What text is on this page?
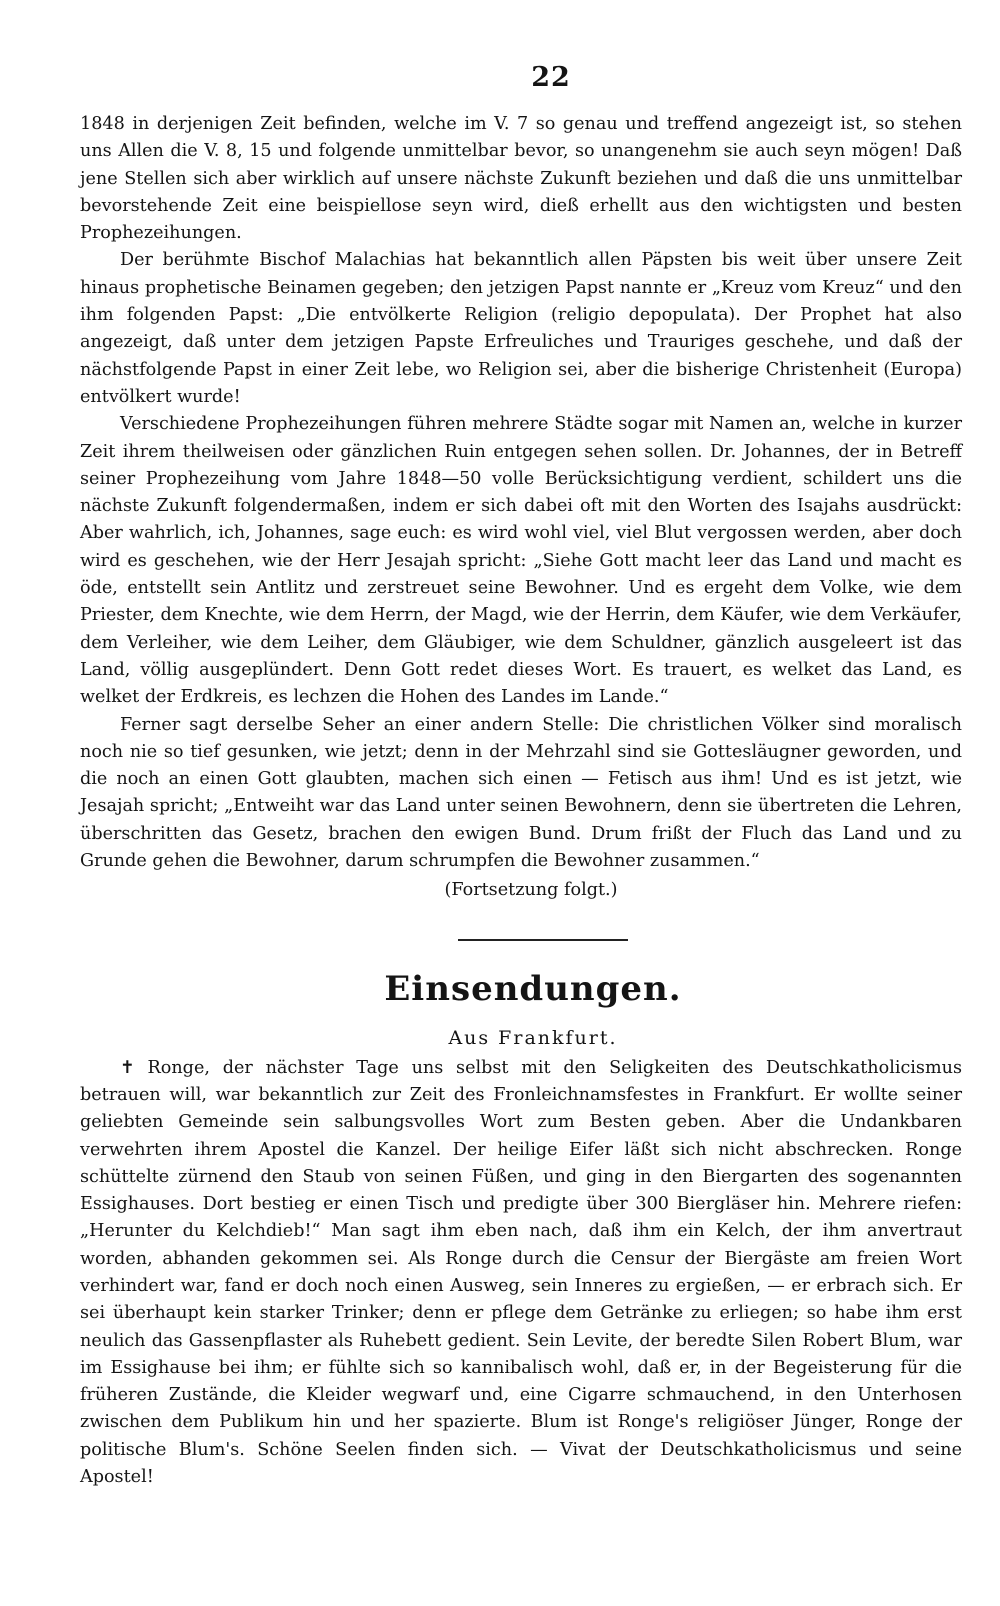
22

1848 in derjenigen Zeit befinden, welche im V. 7 so genau und treffend angezeigt ist, so stehen uns Allen die V. 8, 15 und folgende unmittelbar bevor, so unangenehm sie auch seyn mögen! Daß jene Stellen sich aber wirklich auf unsere nächste Zukunft beziehen und daß die uns unmittelbar bevorstehende Zeit eine beispiellose seyn wird, dieß erhellt aus den wichtigsten und besten Prophezeihungen.

Der berühmte Bischof Malachias hat bekanntlich allen Päpsten bis weit über unsere Zeit hinaus prophetische Beinamen gegeben; den jetzigen Papst nannte er „Kreuz vom Kreuz“ und den ihm folgenden Papst: „Die entvölkerte Religion (religio depopulata). Der Prophet hat also angezeigt, daß unter dem jetzigen Papste Erfreuliches und Trauriges geschehe, und daß der nächstfolgende Papst in einer Zeit lebe, wo Religion sei, aber die bisherige Christenheit (Europa) entvölkert wurde!

Verschiedene Prophezeihungen führen mehrere Städte sogar mit Namen an, welche in kurzer Zeit ihrem theilweisen oder gänzlichen Ruin entgegen sehen sollen. Dr. Johannes, der in Betreff seiner Prophezeihung vom Jahre 1848—50 volle Berücksichtigung verdient, schildert uns die nächste Zukunft folgendermaßen, indem er sich dabei oft mit den Worten des Isajahs ausdrückt: Aber wahrlich, ich, Johannes, sage euch: es wird wohl viel, viel Blut vergossen werden, aber doch wird es geschehen, wie der Herr Jesajah spricht: „Siehe Gott macht leer das Land und macht es öde, entstellt sein Antlitz und zerstreuet seine Bewohner. Und es ergeht dem Volke, wie dem Priester, dem Knechte, wie dem Herrn, der Magd, wie der Herrin, dem Käufer, wie dem Verkäufer, dem Verleiher, wie dem Leiher, dem Gläubiger, wie dem Schuldner, gänzlich ausgeleert ist das Land, völlig ausgeplündert. Denn Gott redet dieses Wort. Es trauert, es welket das Land, es welket der Erdkreis, es lechzen die Hohen des Landes im Lande.“

Ferner sagt derselbe Seher an einer andern Stelle: Die christlichen Völker sind moralisch noch nie so tief gesunken, wie jetzt; denn in der Mehrzahl sind sie Gottesläugner geworden, und die noch an einen Gott glaubten, machen sich einen — Fetisch aus ihm! Und es ist jetzt, wie Jesajah spricht; „Entweiht war das Land unter seinen Bewohnern, denn sie übertreten die Lehren, überschritten das Gesetz, brachen den ewigen Bund. Drum frißt der Fluch das Land und zu Grunde gehen die Bewohner, darum schrumpfen die Bewohner zusammen.“

(Fortsetzung folgt.)
Einsendungen.
Aus Frankfurt.

✝ Ronge, der nächster Tage uns selbst mit den Seligkeiten des Deutschkatholicismus betrauen will, war bekanntlich zur Zeit des Fronleichnamsfestes in Frankfurt. Er wollte seiner geliebten Gemeinde sein salbungsvolles Wort zum Besten geben. Aber die Undankbaren verwehrten ihrem Apostel die Kanzel. Der heilige Eifer läßt sich nicht abschrecken. Ronge schüttelte zürnend den Staub von seinen Füßen, und ging in den Biergarten des sogenannten Essighauses. Dort bestieg er einen Tisch und predigte über 300 Biergläser hin. Mehrere riefen: „Herunter du Kelchdieb!“ Man sagt ihm eben nach, daß ihm ein Kelch, der ihm anvertraut worden, abhanden gekommen sei. Als Ronge durch die Censur der Biergäste am freien Wort verhindert war, fand er doch noch einen Ausweg, sein Inneres zu ergießen, — er erbrach sich. Er sei überhaupt kein starker Trinker; denn er pflege dem Getränke zu erliegen; so habe ihm erst neulich das Gassenpflaster als Ruhebett gedient. Sein Levite, der beredte Silen Robert Blum, war im Essighause bei ihm; er fühlte sich so kannibalisch wohl, daß er, in der Begeisterung für die früheren Zustände, die Kleider wegwarf und, eine Cigarre schmauchend, in den Unterhosen zwischen dem Publikum hin und her spazierte. Blum ist Ronge's religiöser Jünger, Ronge der politische Blum's. Schöne Seelen finden sich. — Vivat der Deutschkatholicismus und seine Apostel!
